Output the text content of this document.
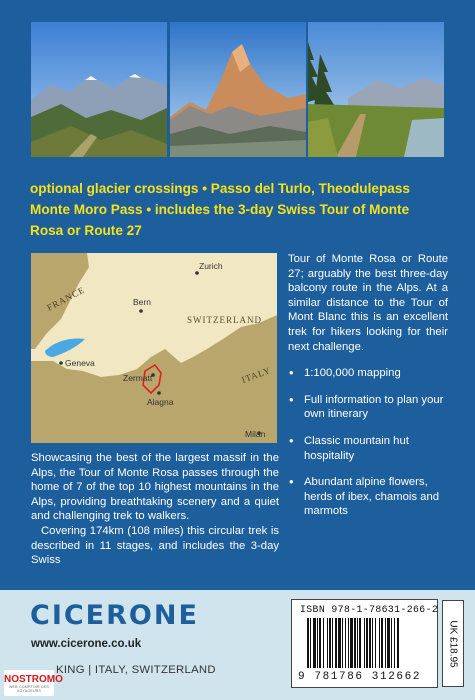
optional glacier crossings • Passo del Turlo, Theodulepass
Monte Moro Pass • includes the 3-day Swiss Tour of Monte
Rosa or Route 27
FRANCE
SWITZERLAND
ITALY
Zurich
Bern
Geneva
Zermatt
Alagna
Milan

Tour of Monte Rosa or Route 27; arguably the best three-day balcony route in the Alps. At a similar distance to the Tour of Mont Blanc this is an excellent trek for hikers looking for their next challenge.

• 1:100,000 mapping
• Full information to plan your own itinerary
• Classic mountain hut hospitality
• Abundant alpine flowers, herds of ibex, chamois and marmots

Showcasing the best of the largest massif in the Alps, the Tour of Monte Rosa passes through the home of 7 of the top 10 highest mountains in the Alps, providing breathtaking scenery and a quiet and challenging trek to walkers.

Covering 174km (108 miles) this circular trek is described in 11 stages, and includes the 3-day Swiss

CICERONE
www.cicerone.co.uk
KING | ITALY, SWITZERLAND
NOSTROMO
WEB COMPTOIR DES VOYAGEURS
ISBN 978-1-78631-266-2
9 781786 312662
UK £18.95
